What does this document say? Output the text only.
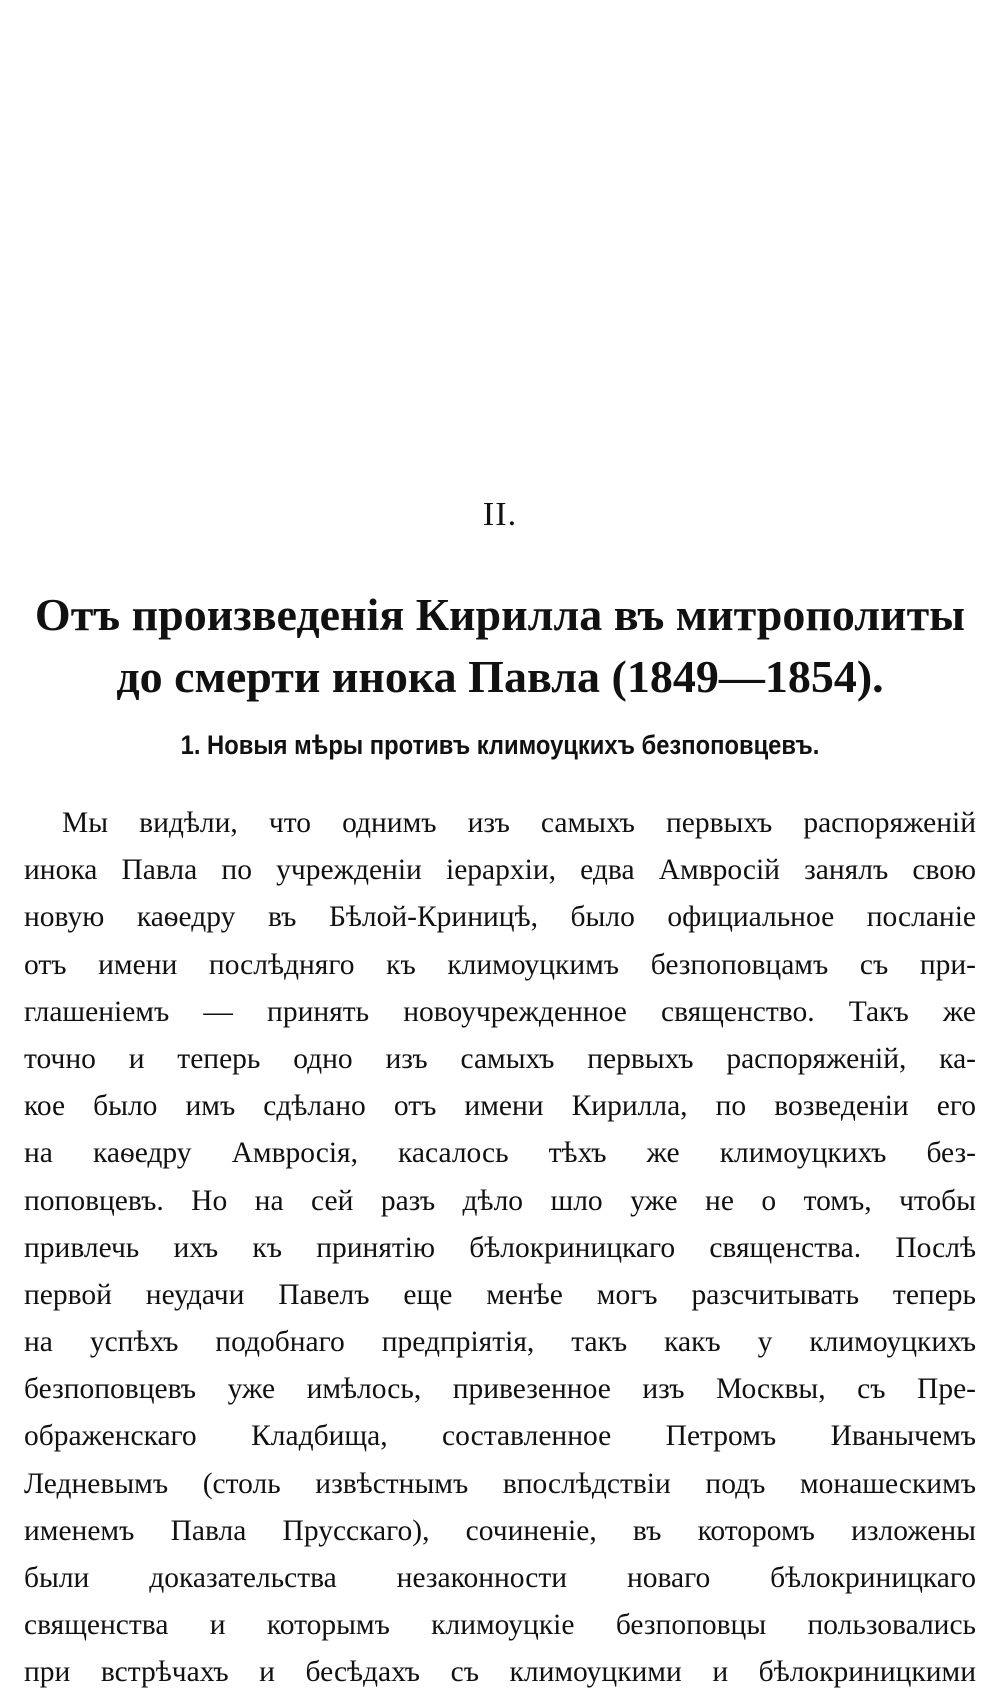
II.
Отъ произведенія Кирилла въ митрополиты
до смерти инока Павла (1849—1854).
1. Новыя мѣры противъ климоуцкихъ безпоповцевъ.
Мы видѣли, что однимъ изъ самыхъ первыхъ распоряженій
инока Павла по учрежденіи іерархіи, едва Амвросій занялъ свою
новую каѳедру въ Бѣлой-Криницѣ, было официальное посланіе
отъ имени послѣдняго къ климоуцкимъ безпоповцамъ съ при-
глашеніемъ — принять новоучрежденное священство. Такъ же
точно и теперь одно изъ самыхъ первыхъ распоряженій, ка-
кое было имъ сдѣлано отъ имени Кирилла, по возведеніи его
на каѳедру Амвросія, касалось тѣхъ же климоуцкихъ без-
поповцевъ. Но на сей разъ дѣло шло уже не о томъ, чтобы
привлечь ихъ къ принятію бѣлокриницкаго священства. Послѣ
первой неудачи Павелъ еще менѣе могъ разсчитывать теперь
на успѣхъ подобнаго предпріятія, такъ какъ у климоуцкихъ
безпоповцевъ уже имѣлось, привезенное изъ Москвы, съ Пре-
ображенскаго Кладбища, составленное Петромъ Иванычемъ
Ледневымъ (столь извѣстнымъ впослѣдствіи подъ монашескимъ
именемъ Павла Прусскаго), сочиненіе, въ которомъ изложены
были доказательства незаконности новаго бѣлокриницкаго
священства и которымъ климоуцкіе безпоповцы пользовались
при встрѣчахъ и бесѣдахъ съ климоуцкими и бѣлокриницкими
